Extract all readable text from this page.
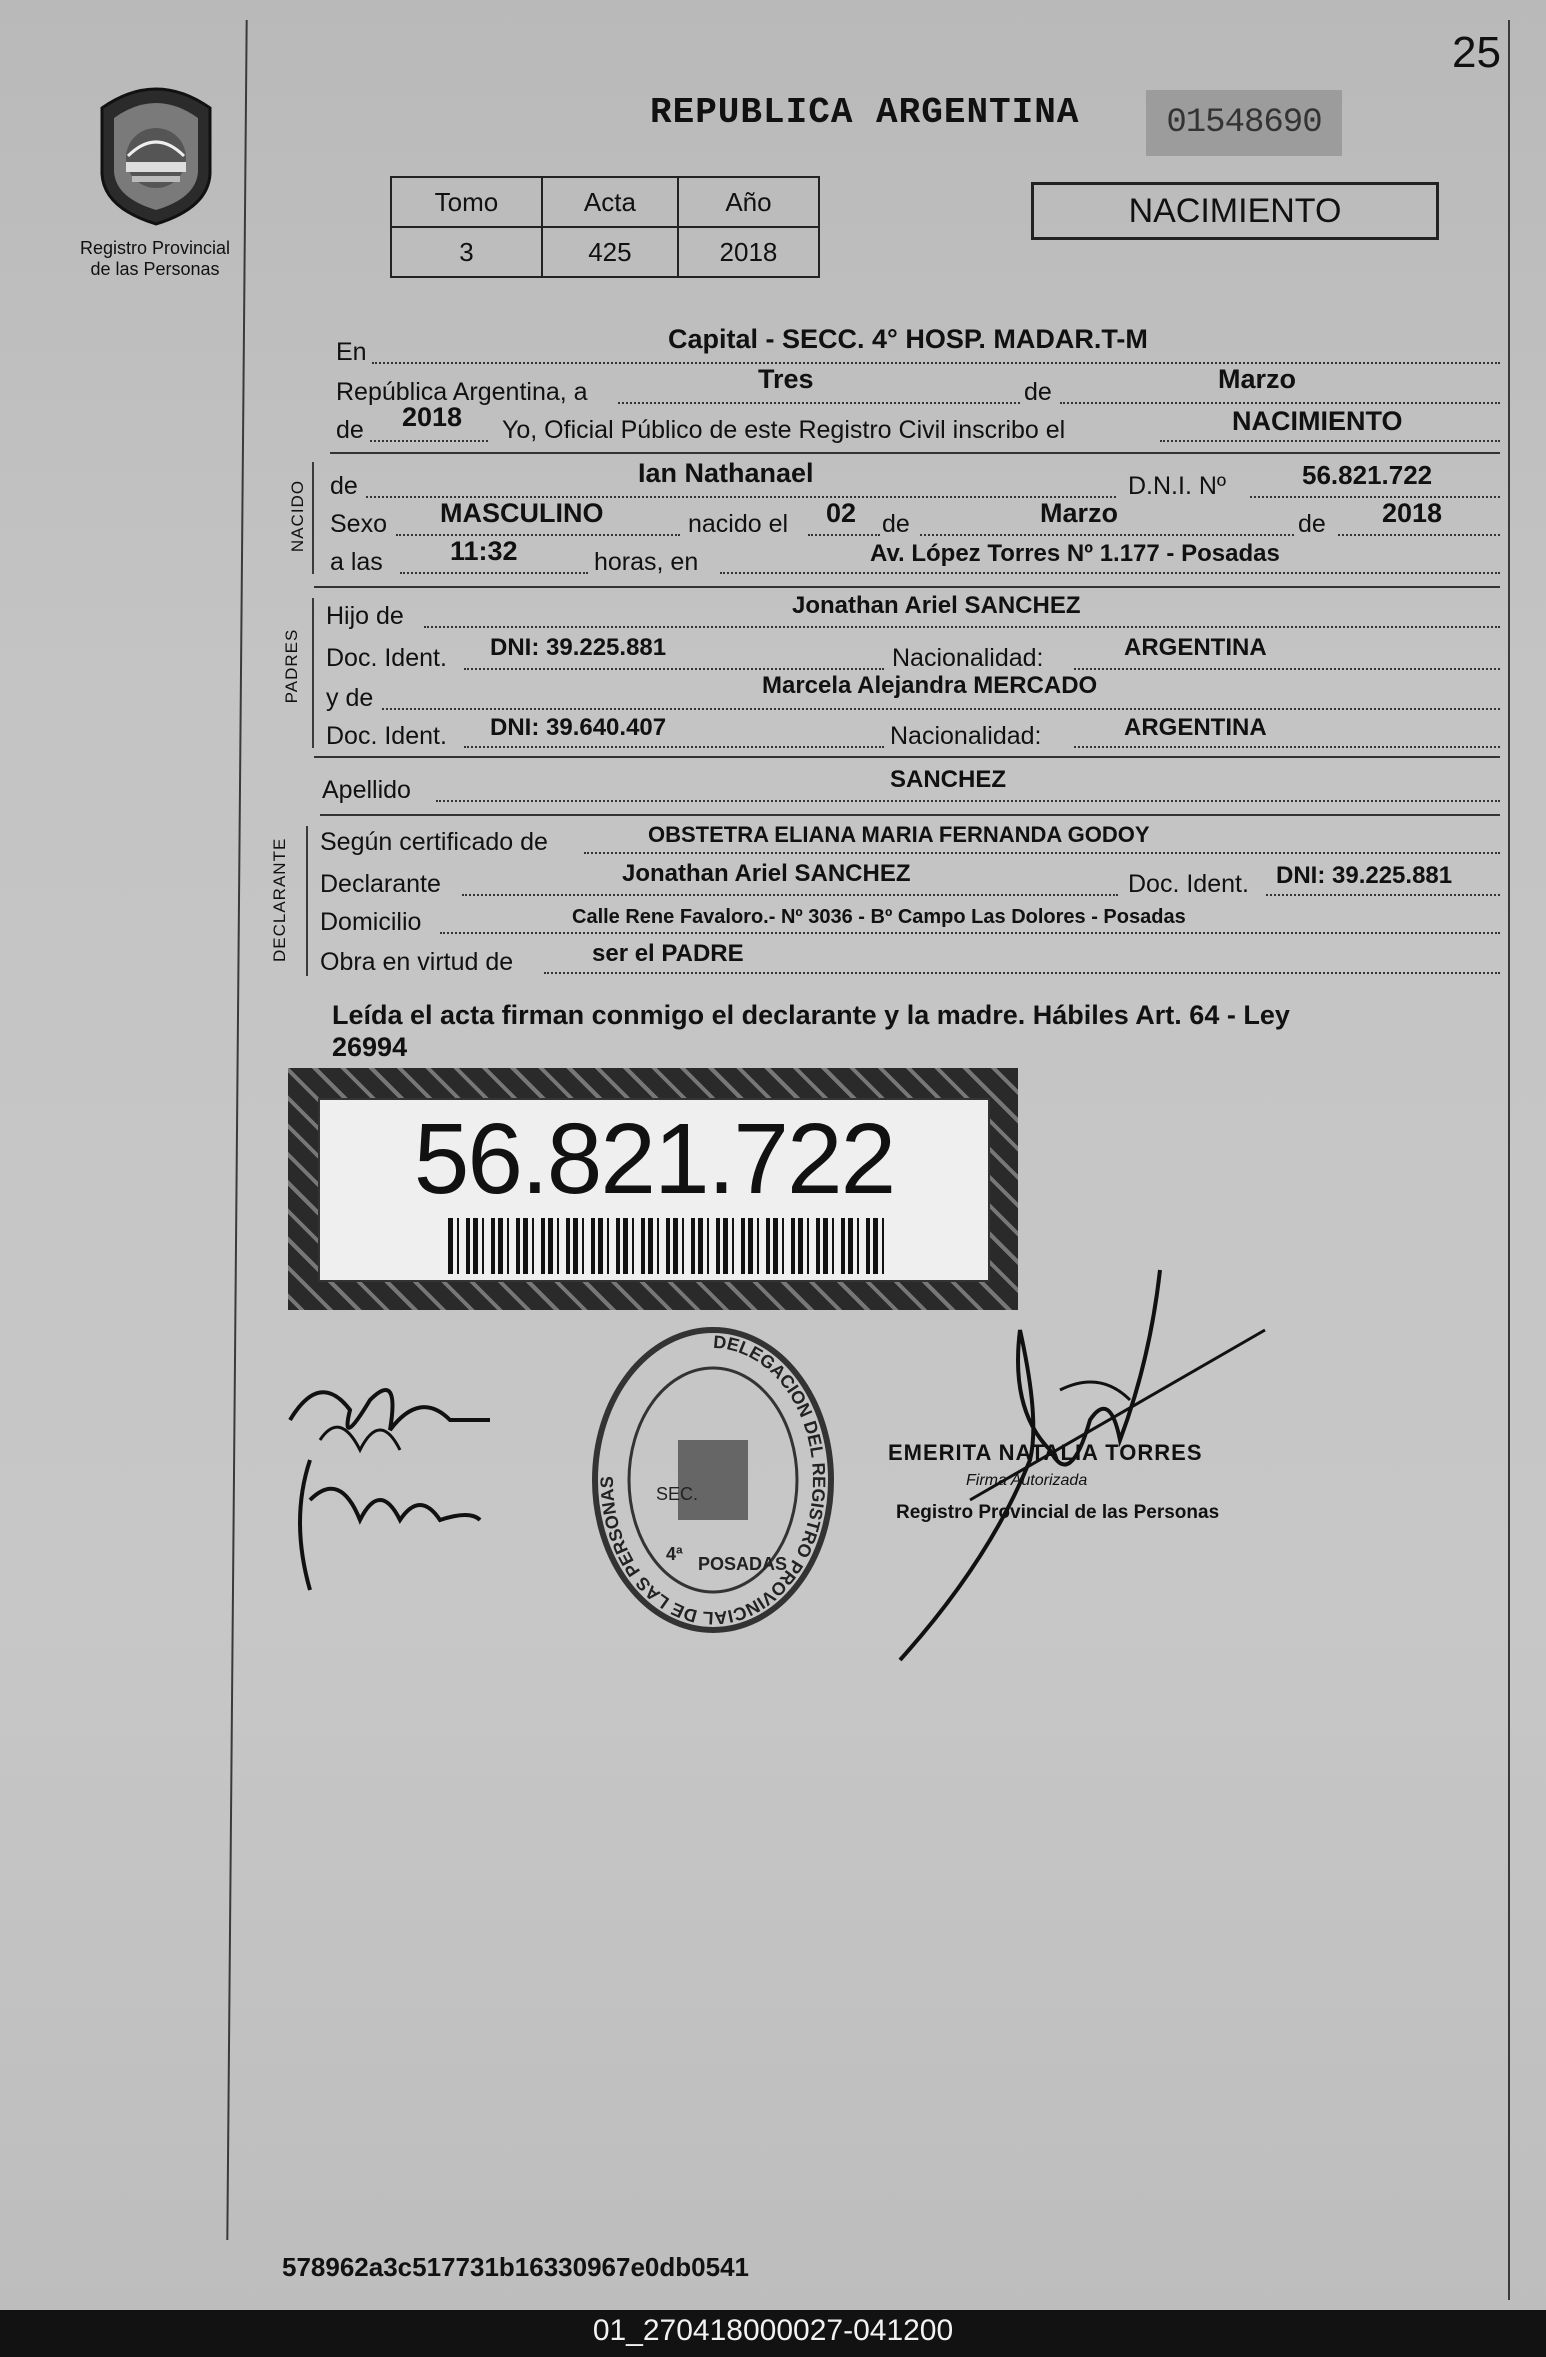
Registro Provincial
de las Personas
25
REPUBLICA ARGENTINA	01548690
Tomo	Acta	Año
3	425	2018
NACIMIENTO
En	Capital - SECC. 4° HOSP. MADAR.T-M
República Argentina, a	Tres	de	Marzo
de 2018 Yo, Oficial Público de este Registro Civil inscribo el	NACIMIENTO
NACIDO de	Ian Nathanael	D.N.I. Nº	56.821.722
Sexo MASCULINO	nacido el 02 de	Marzo	de 2018
a las 11:32	horas, en	Av. López Torres Nº 1.177 - Posadas
PADRES
Hijo de	Jonathan Ariel SANCHEZ
Doc. Ident. DNI: 39.225.881	Nacionalidad:	ARGENTINA
y de	Marcela Alejandra MERCADO
Doc. Ident. DNI: 39.640.407	Nacionalidad:	ARGENTINA
Apellido	SANCHEZ
DECLARANTE Según certificado de	OBSTETRA ELIANA MARIA FERNANDA GODOY
Declarante	Jonathan Ariel SANCHEZ	Doc. Ident. DNI: 39.225.881
Domicilio	Calle Rene Favaloro.- Nº 3036 - Bº Campo Las Dolores - Posadas
Obra en virtud de	ser el PADRE
Leída el acta firman conmigo el declarante y la madre. Hábiles Art. 64 - Ley
26994
56.821.722
DELEGACION DEL REGISTRO PROVINCIAL DE LAS PERSONAS
SEC.
4ª POSADAS
EMERITA NATALIA TORRES
Firma Autorizada
Registro Provincial de las Personas
578962a3c517731b16330967e0db0541
01_270418000027-041200
